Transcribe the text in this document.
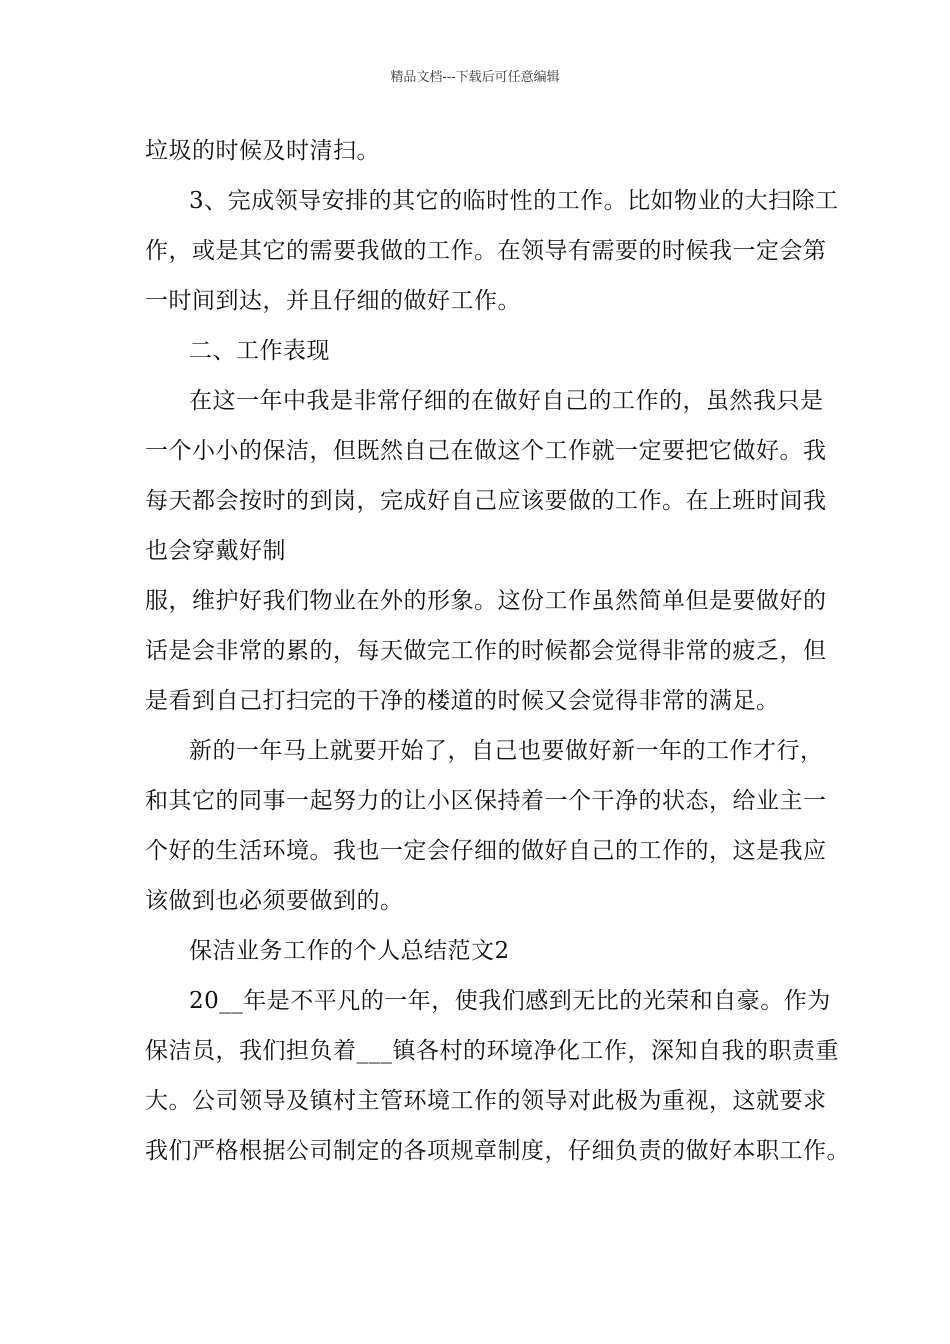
精品文档---下载后可任意编辑
垃圾的时候及时清扫。
3、完成领导安排的其它的临时性的工作。比如物业的大扫除工
作，或是其它的需要我做的工作。在领导有需要的时候我一定会第
一时间到达，并且仔细的做好工作。
二、工作表现
在这一年中我是非常仔细的在做好自己的工作的，虽然我只是
一个小小的保洁，但既然自己在做这个工作就一定要把它做好。我
每天都会按时的到岗，完成好自己应该要做的工作。在上班时间我
也会穿戴好制
服，维护好我们物业在外的形象。这份工作虽然简单但是要做好的
话是会非常的累的，每天做完工作的时候都会觉得非常的疲乏，但
是看到自己打扫完的干净的楼道的时候又会觉得非常的满足。
新的一年马上就要开始了，自己也要做好新一年的工作才行，
和其它的同事一起努力的让小区保持着一个干净的状态，给业主一
个好的生活环境。我也一定会仔细的做好自己的工作的，这是我应
该做到也必须要做到的。
保洁业务工作的个人总结范文2
20__年是不平凡的一年，使我们感到无比的光荣和自豪。作为
保洁员，我们担负着___镇各村的环境净化工作，深知自我的职责重
大。公司领导及镇村主管环境工作的领导对此极为重视，这就要求
我们严格根据公司制定的各项规章制度，仔细负责的做好本职工作。
